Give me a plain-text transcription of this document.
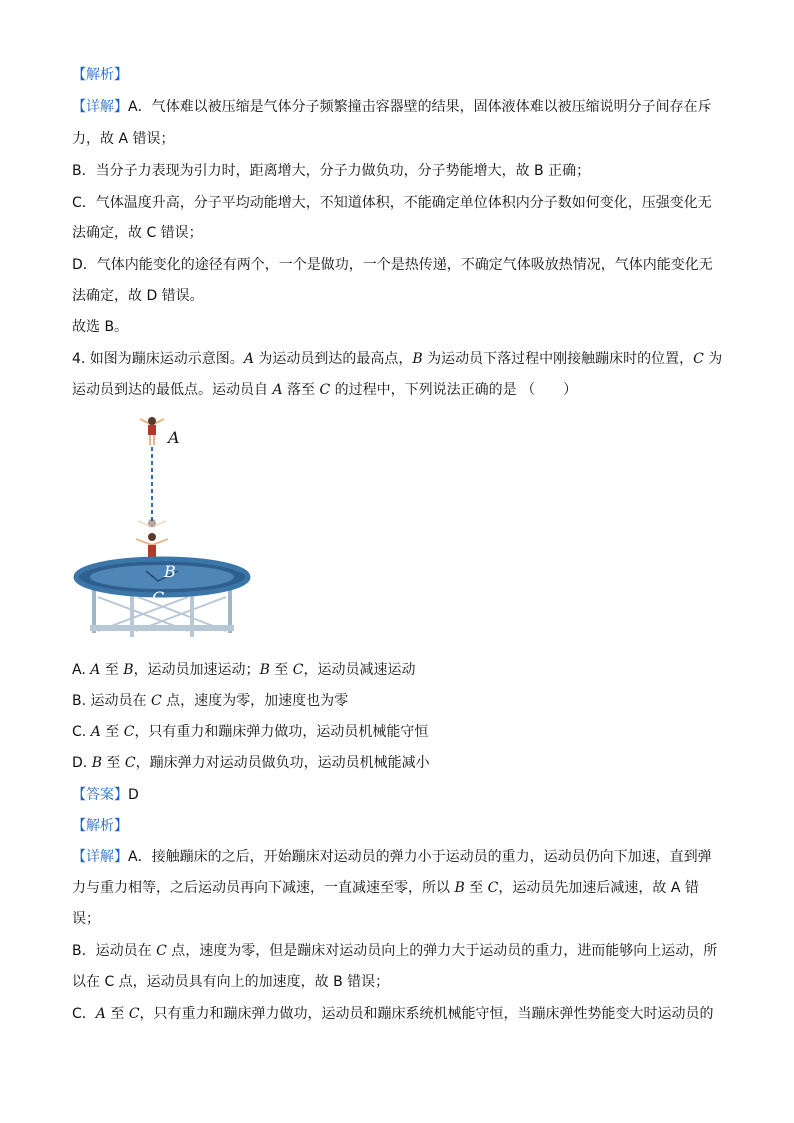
【解析】
【详解】A．气体难以被压缩是气体分子频繁撞击容器壁的结果，固体液体难以被压缩说明分子间存在斥
力，故 A 错误；
B．当分子力表现为引力时，距离增大，分子力做负功，分子势能增大，故 B 正确；
C．气体温度升高，分子平均动能增大，不知道体积，不能确定单位体积内分子数如何变化，压强变化无
法确定，故 C 错误；
D．气体内能变化的途径有两个，一个是做功，一个是热传递，不确定气体吸放热情况，气体内能变化无
法确定，故 D 错误。
故选 B。
4. 如图为蹦床运动示意图。A 为运动员到达的最高点，B 为运动员下落过程中刚接触蹦床时的位置，C 为
运动员到达的最低点。运动员自 A 落至 C 的过程中，下列说法正确的是 （　　）
A
B
C
A. A 至 B，运动员加速运动；B 至 C，运动员减速运动
B. 运动员在 C 点，速度为零，加速度也为零
C. A 至 C，只有重力和蹦床弹力做功，运动员机械能守恒
D. B 至 C，蹦床弹力对运动员做负功，运动员机械能减小
【答案】D
【解析】
【详解】A．接触蹦床的之后，开始蹦床对运动员的弹力小于运动员的重力，运动员仍向下加速，直到弹
力与重力相等，之后运动员再向下减速，一直减速至零，所以 B 至 C，运动员先加速后减速，故 A 错
误；
B．运动员在 C 点，速度为零，但是蹦床对运动员向上的弹力大于运动员的重力，进而能够向上运动，所
以在 C 点，运动员具有向上的加速度，故 B 错误；
C．A 至 C，只有重力和蹦床弹力做功，运动员和蹦床系统机械能守恒，当蹦床弹性势能变大时运动员的
